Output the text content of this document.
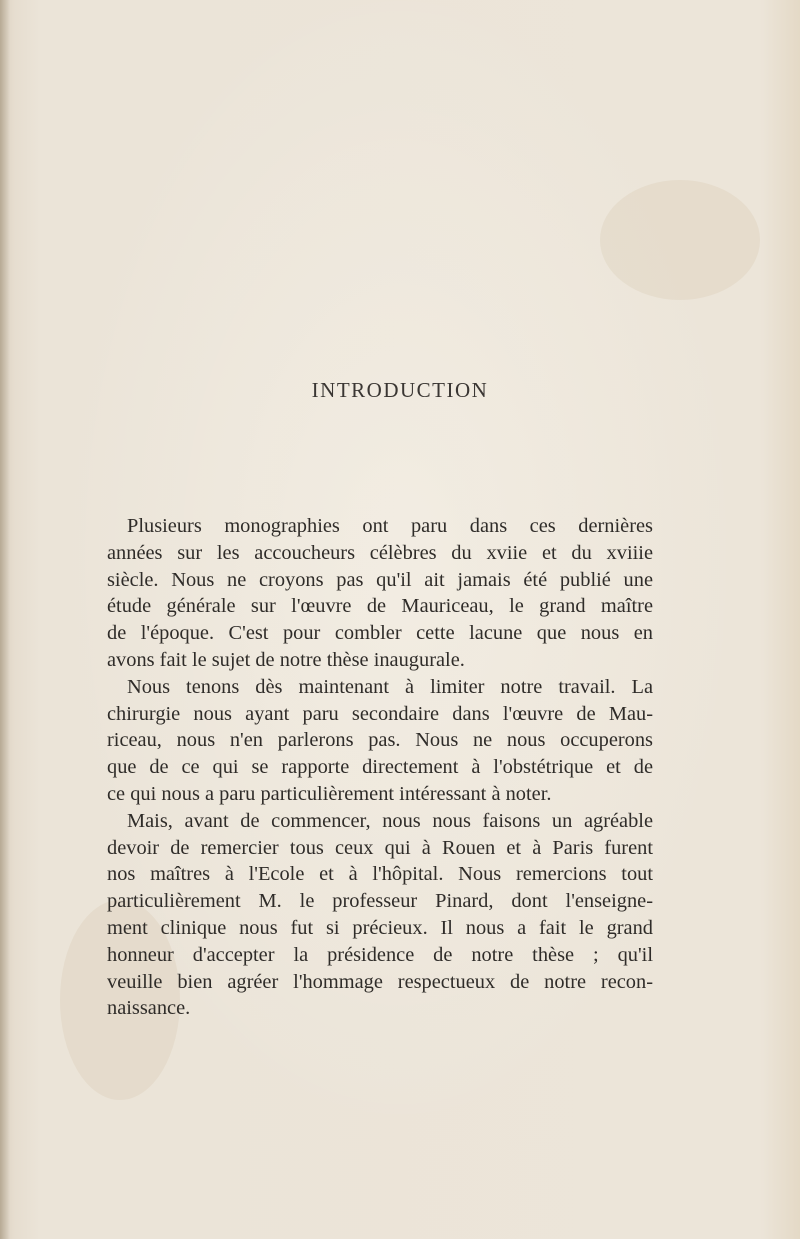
INTRODUCTION

Plusieurs monographies ont paru dans ces dernières
années sur les accoucheurs célèbres du xviie et du xviiie
siècle. Nous ne croyons pas qu'il ait jamais été publié une
étude générale sur l'œuvre de Mauriceau, le grand maître
de l'époque. C'est pour combler cette lacune que nous en
avons fait le sujet de notre thèse inaugurale.

Nous tenons dès maintenant à limiter notre travail. La
chirurgie nous ayant paru secondaire dans l'œuvre de Mau-
riceau, nous n'en parlerons pas. Nous ne nous occuperons
que de ce qui se rapporte directement à l'obstétrique et de
ce qui nous a paru particulièrement intéressant à noter.

Mais, avant de commencer, nous nous faisons un agréable
devoir de remercier tous ceux qui à Rouen et à Paris furent
nos maîtres à l'Ecole et à l'hôpital. Nous remercions tout
particulièrement M. le professeur Pinard, dont l'enseigne-
ment clinique nous fut si précieux. Il nous a fait le grand
honneur d'accepter la présidence de notre thèse ; qu'il
veuille bien agréer l'hommage respectueux de notre recon-
naissance.
